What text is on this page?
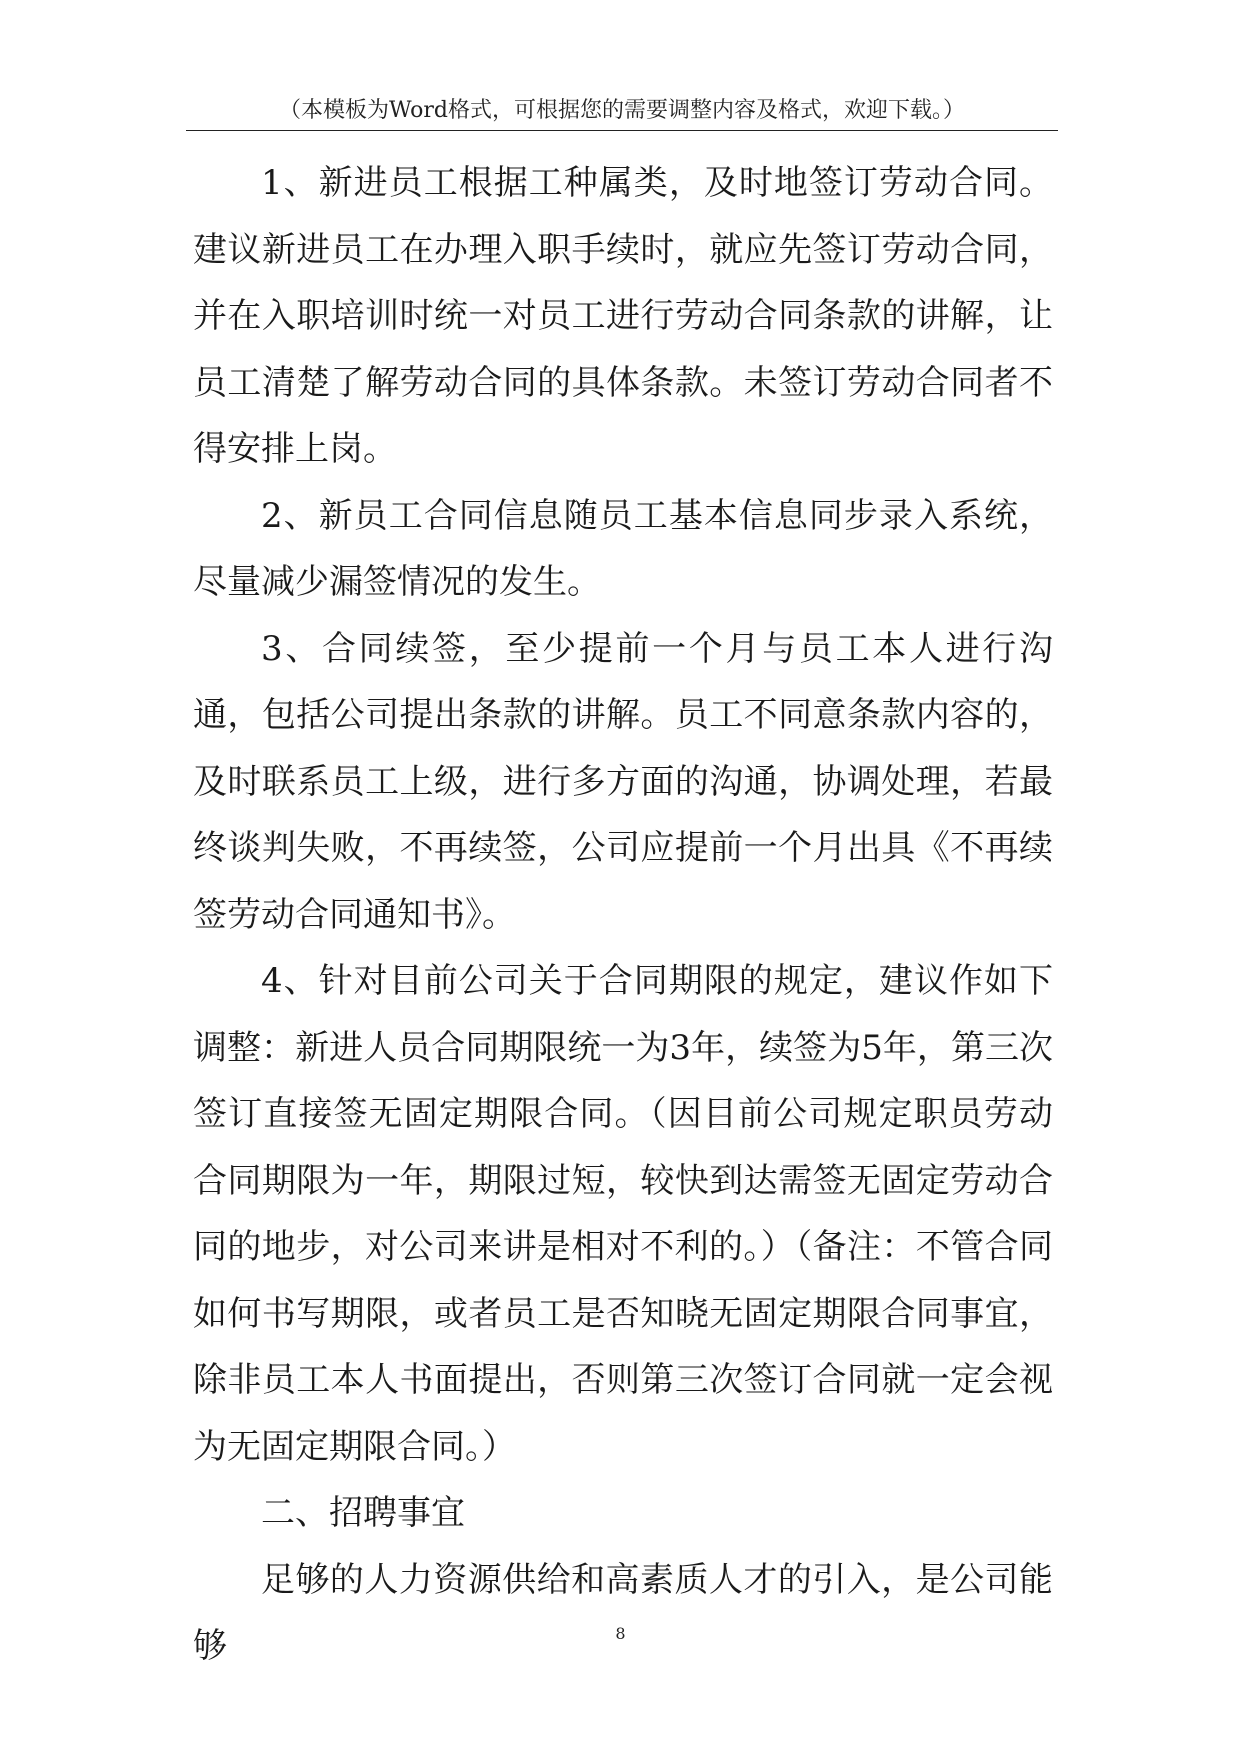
（本模板为Word格式，可根据您的需要调整内容及格式，欢迎下载。）

1、新进员工根据工种属类，及时地签订劳动合同。建议新进员工在办理入职手续时，就应先签订劳动合同，并在入职培训时统一对员工进行劳动合同条款的讲解，让员工清楚了解劳动合同的具体条款。未签订劳动合同者不得安排上岗。

2、新员工合同信息随员工基本信息同步录入系统，尽量减少漏签情况的发生。

3、合同续签，至少提前一个月与员工本人进行沟通，包括公司提出条款的讲解。员工不同意条款内容的，及时联系员工上级，进行多方面的沟通，协调处理，若最终谈判失败，不再续签，公司应提前一个月出具《不再续签劳动合同通知书》。

4、针对目前公司关于合同期限的规定，建议作如下调整：新进人员合同期限统一为3年，续签为5年，第三次签订直接签无固定期限合同。（因目前公司规定职员劳动合同期限为一年，期限过短，较快到达需签无固定劳动合同的地步，对公司来讲是相对不利的。）（备注：不管合同如何书写期限，或者员工是否知晓无固定期限合同事宜，除非员工本人书面提出，否则第三次签订合同就一定会视为无固定期限合同。）

二、招聘事宜

足够的人力资源供给和高素质人才的引入，是公司能够	8
